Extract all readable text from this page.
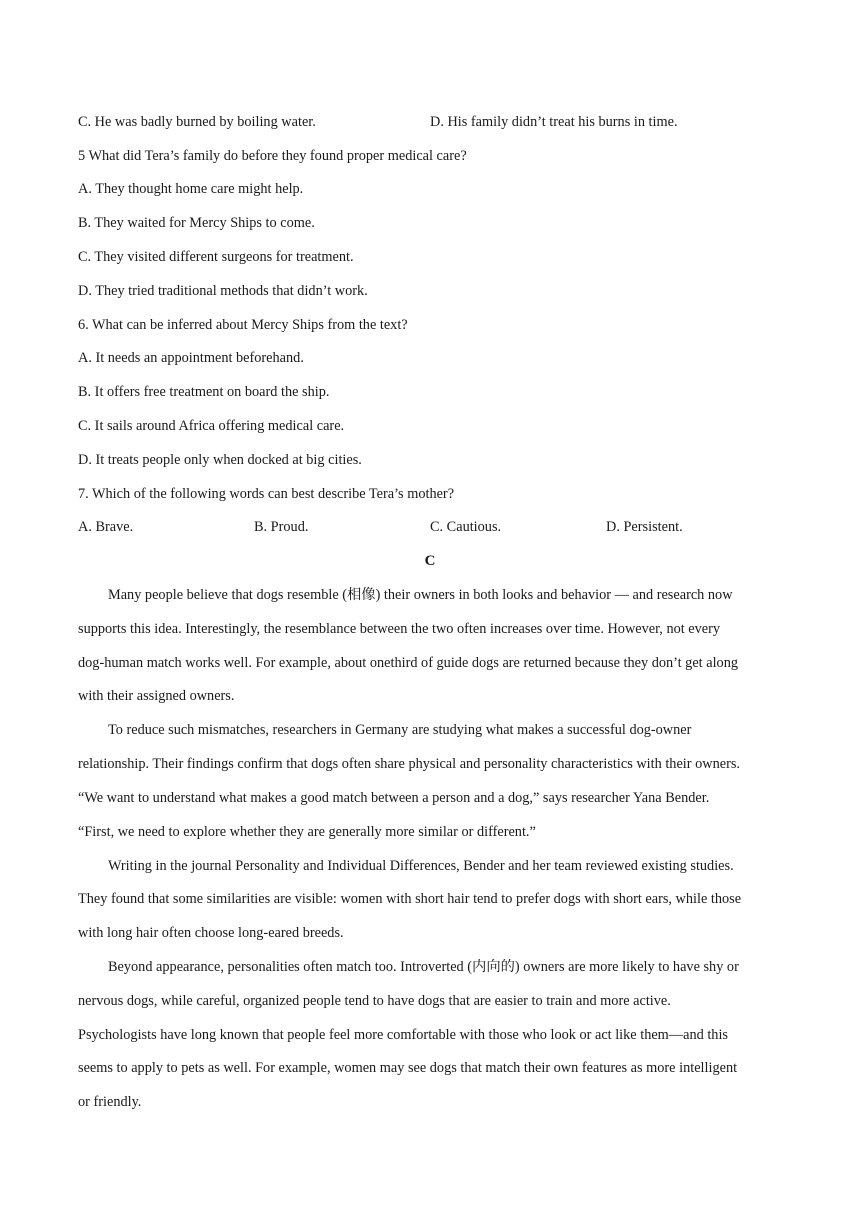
C. He was badly burned by boiling water.	D. His family didn’t treat his burns in time.
5 What did Tera’s family do before they found proper medical care?
A. They thought home care might help.
B. They waited for Mercy Ships to come.
C. They visited different surgeons for treatment.
D. They tried traditional methods that didn’t work.
6. What can be inferred about Mercy Ships from the text?
A. It needs an appointment beforehand.
B. It offers free treatment on board the ship.
C. It sails around Africa offering medical care.
D. It treats people only when docked at big cities.
7. Which of the following words can best describe Tera’s mother?
A. Brave.	B. Proud.	C. Cautious.	D. Persistent.
C
Many people believe that dogs resemble (相像) their owners in both looks and behavior — and research now
supports this idea. Interestingly, the resemblance between the two often increases over time. However, not every
dog-human match works well. For example, about onethird of guide dogs are returned because they don’t get along
with their assigned owners.
To reduce such mismatches, researchers in Germany are studying what makes a successful dog-owner
relationship. Their findings confirm that dogs often share physical and personality characteristics with their owners.
“We want to understand what makes a good match between a person and a dog,” says researcher Yana Bender.
“First, we need to explore whether they are generally more similar or different.”
Writing in the journal Personality and Individual Differences, Bender and her team reviewed existing studies.
They found that some similarities are visible: women with short hair tend to prefer dogs with short ears, while those
with long hair often choose long-eared breeds.
Beyond appearance, personalities often match too. Introverted (内向的) owners are more likely to have shy or
nervous dogs, while careful, organized people tend to have dogs that are easier to train and more active.
Psychologists have long known that people feel more comfortable with those who look or act like them—and this
seems to apply to pets as well. For example, women may see dogs that match their own features as more intelligent
or friendly.
